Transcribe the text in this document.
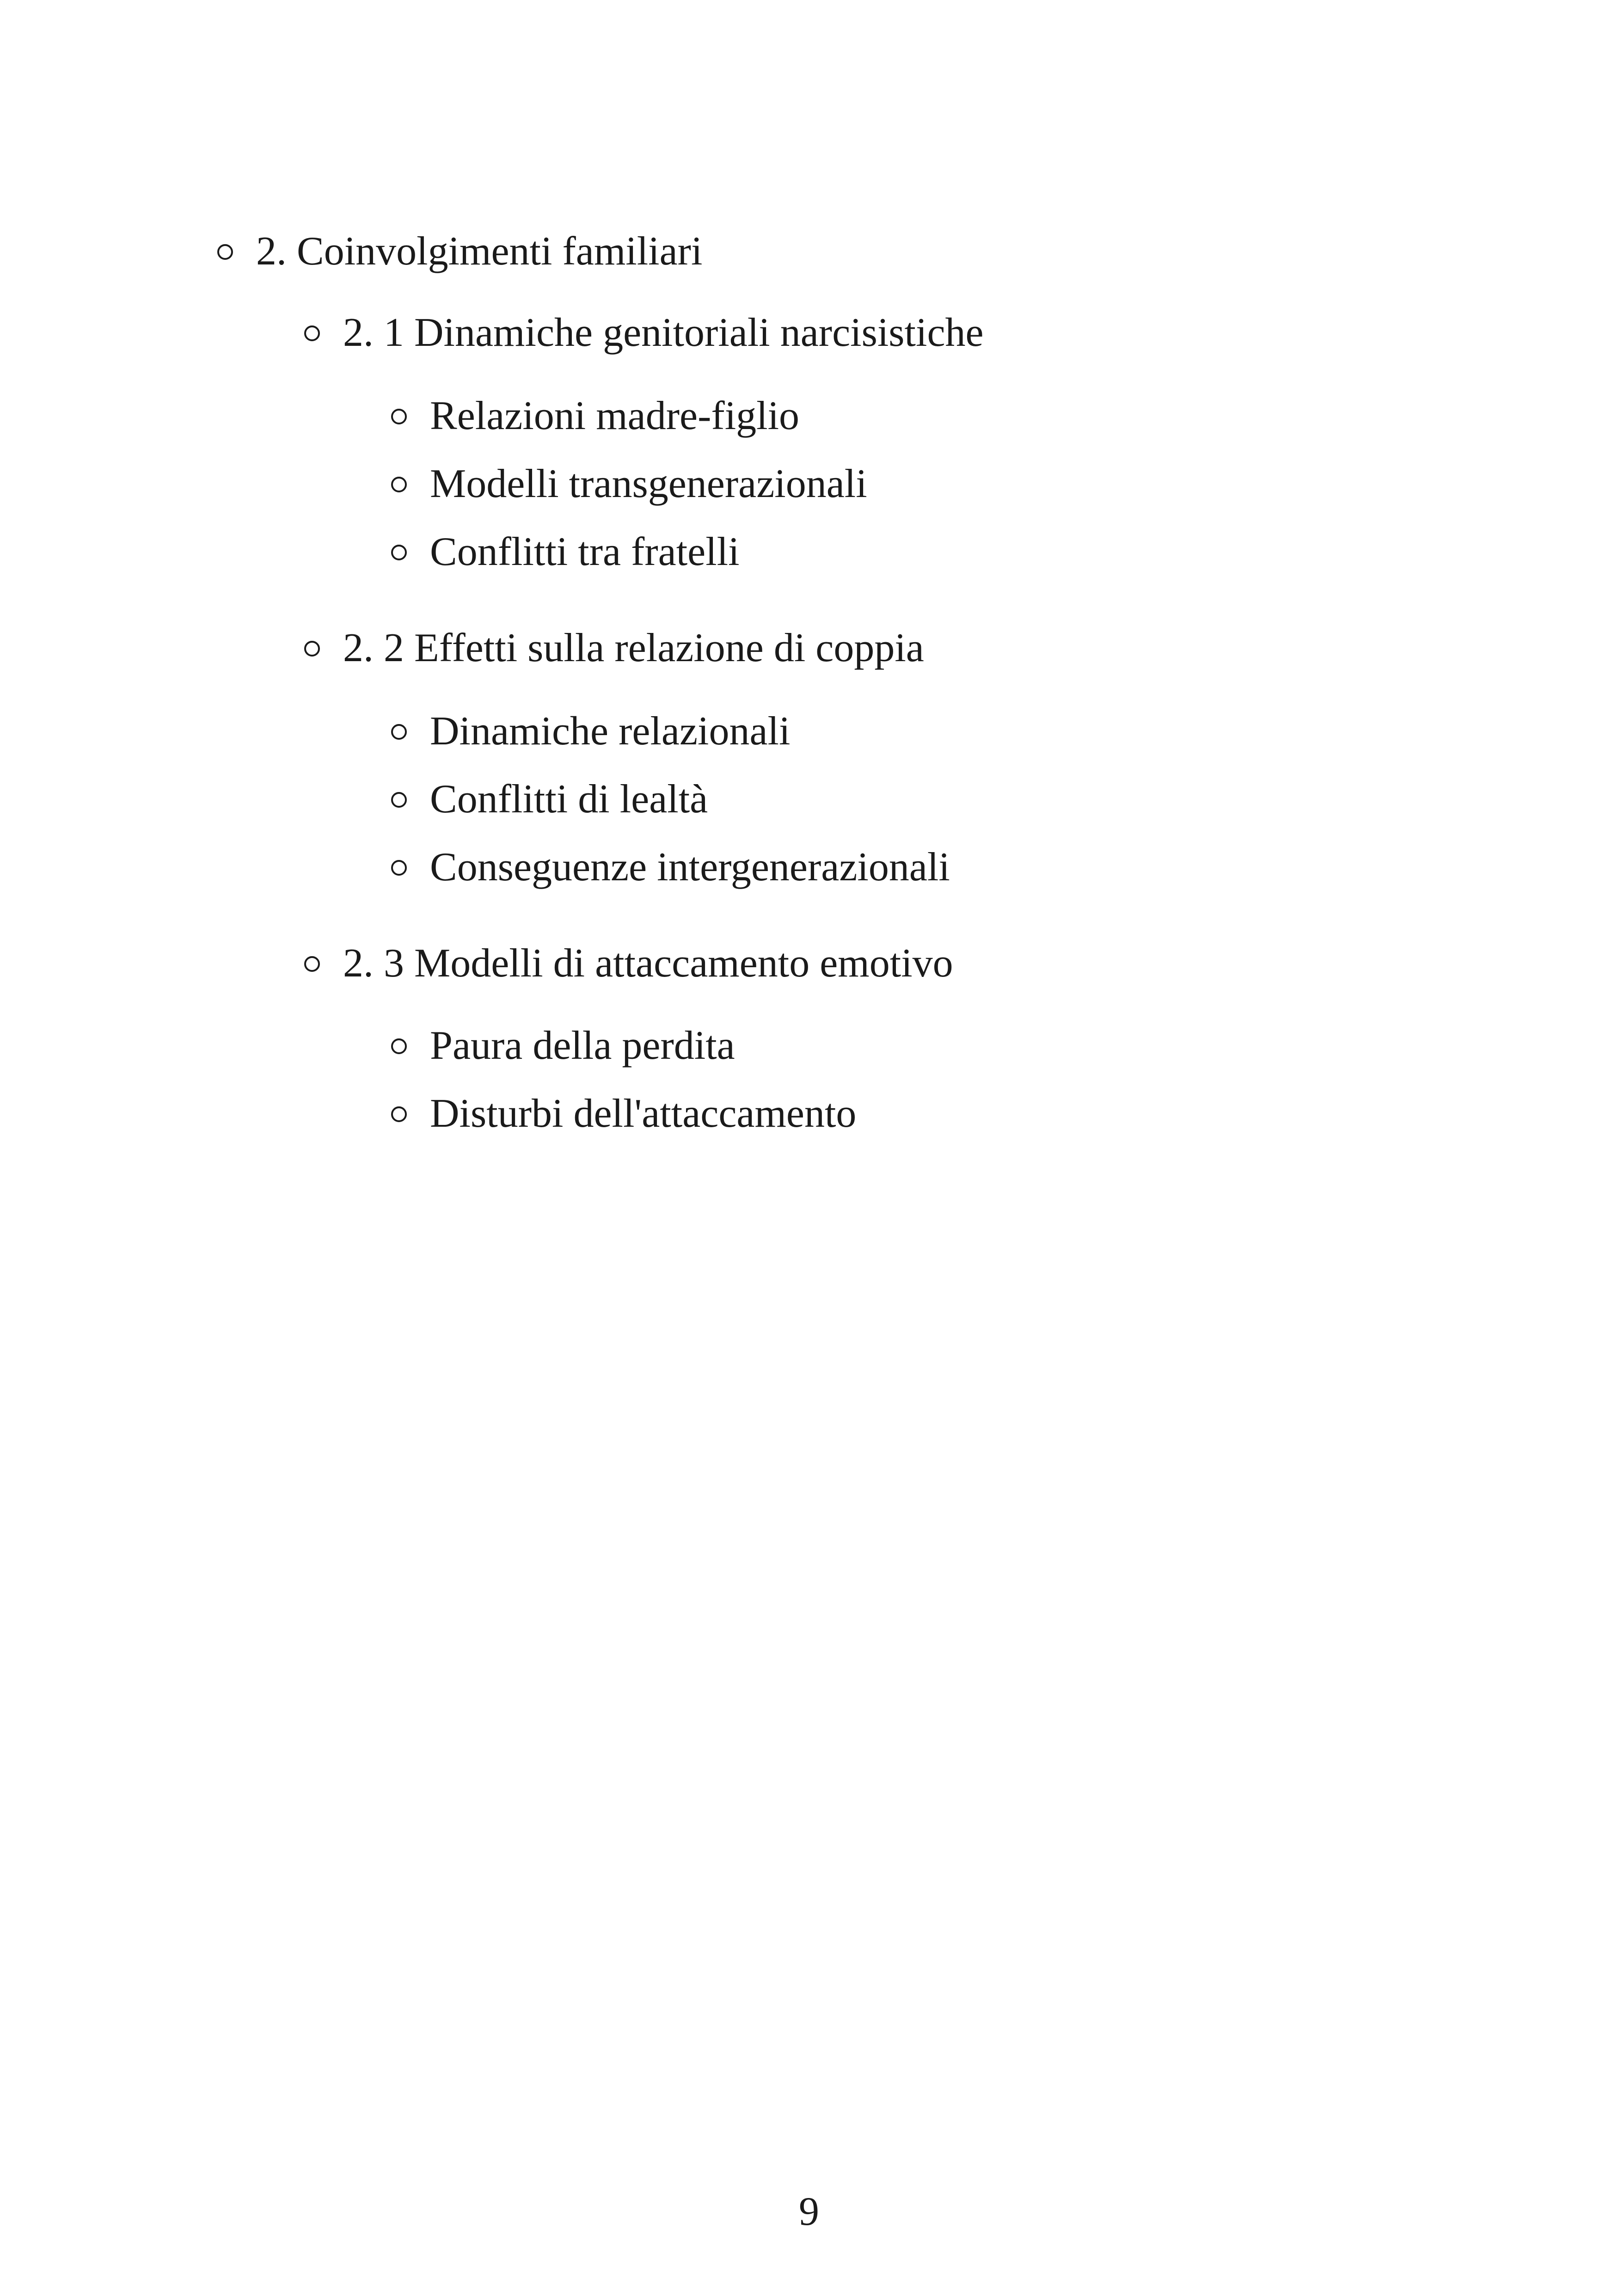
2. Coinvolgimenti familiari
2. 1 Dinamiche genitoriali narcisistiche
Relazioni madre-figlio
Modelli transgenerazionali
Conflitti tra fratelli
2. 2 Effetti sulla relazione di coppia
Dinamiche relazionali
Conflitti di lealtà
Conseguenze intergenerazionali
2. 3 Modelli di attaccamento emotivo
Paura della perdita
Disturbi dell'attaccamento
9
